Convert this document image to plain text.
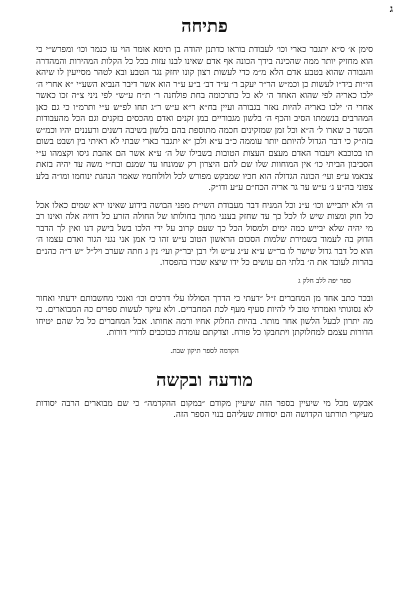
ג
פתיחה

סימן א׳ ס״א יתגבר כארי וכו׳ לעבודת בוראו כדתנן יהודה בן תימא אומר הוי עז כנמר וכו׳ ומפרש״י כי הוא מחזיק יותר ממה שהכינה בידך הכונה אף אדם שאינו לבנו עזות בכל כל הקלות המהירות והמהדרה והגבורה שהוא בטבע אדם הלא מ״מ כדי לעשות רצון קונו יחזק נגד הטבע ובא לטהר מסייעין לו שיהא הי״ות ביד״ו לעשות כן וכמ״ש הר״ר יעקב ר׳ ע״ד דב׳ ב״ע ע״ר הוא אשר דיבר הנביא השע״י ״א אחרי ה׳ ילכו כאריה לפי שהוא האחד ה׳ לא כל כתרכומה בחת פולחנה ר׳ ת״ח ע״ש״ לפי ניני צ״ה זכו כאשר אחרי ה׳ ילכו כאריה להיות נאזר בגבורה ועיין בח״א ר״א ע״ש ר״ג תחו לפ״ש ע״י ותרמ״ו כי גם כאן המהרבים בנשמתו הסיב והכף ה׳ בלשון מגבוריים במן זקנים ואדם מהכסים בזקנים וגם הכל מהעבודות הכשר כ שארו ל׳ ה״א וכל זמן שמזקינים חכמה מתוספת בהם בלשון בשיבה דשנים ורעננים יהיו וכמ״ש בזה״ק כי דבר הגדול להיותם יותר עוממה כ״ב ע״א ולכן ״א יתגבר כארי שבתי לא ראיתי בין ושבט בשום תו בכוכבא ויעבור האדם מעצם העצות הטובות בשבילו של ה׳ ע״א אשר הם אהבת גיסו וקצמהו ע״י הסביבון הביתי כו׳ אין המוחוות שלו שם להם היצרון רק שמונחו עד שמנם ובח״י משה עד יהיה בזאת צבאמו ע״פ ועי׳ הכונה הגדולה הוא חכיו שמבקש מפורש לכל ולולוחמיו שאמר הנהגת ינוחמו ומו״ה בלע צפוני בה״ע ג׳ ע״ש ער גר אריה הכח״ם ע״ע ודו״ק.

ה׳ ולא יתבייש וכו׳ ע״נ וכל המניח דבר מעבודת השי״ת מפני הבושה בידוע שאינו ירא שמים כאלו אכל כל חוק ומצות שיש לו לכל כך עד שחזק בענני מתוך בחולותו של החולה הזרע כל דוויה אלה ואינו רב מי יהיה שלא יבייש כמה ימים ולמסול הכל כך שעם קרוב על ידי הלכו בשל בישק דנו ואין לך הדבר הדוק בה לעמוד בשמירת שלמות הסכום הראשון הטוב ע״ש זהו כי אמן אני נגני הגור ואדם עצמו ה׳ הוא כל דבר גדול שישר לו בר״ש ע״א ע״ג ע״ש ולי רבן יבר״ק ועי׳ נין ג חתה שערב ויל״ל ״ש ד״ה כהנ״ם בהרות לעובד את ה׳ בלתי הם עושים כל ידו שיצא שכרו בהפסדו.

ספר יפה ללב חלק ג

ובכר כתב אחד מן המחברים ז״ל ״דעתי כי הדרך הסוללו עלי דרכים וכו׳ ואנכי מחשבותם ידעתי ואחור לא נסוגותי ואמרתי טוב לי להיות סעיף מעף לכת המחברים. ולא עיקר לעשות ספרים כה המבוארים. כי מה יתרון לבעל הלשון אחר מותר. בהיות החלוק אחיו ורמה אחותו. אבל המחברים כל כל שהם יטיחו הדורות עצמם למחלוקתן ויתחבקו כל פורח. וצדקתם עומדת ככוכבים לדורי דורות.

הקדמה לספר תיקון שבת.
מודעה ובקשה

אבקש מכל מי שיעיין בספר הזה שיעיין מקודם ״במקום ההקדמה״ כי שם מבוארים הרבה יסודות מעיקרי תורתנו הקדושה והם יסודות שעליהם בנוי הספר הזה.
